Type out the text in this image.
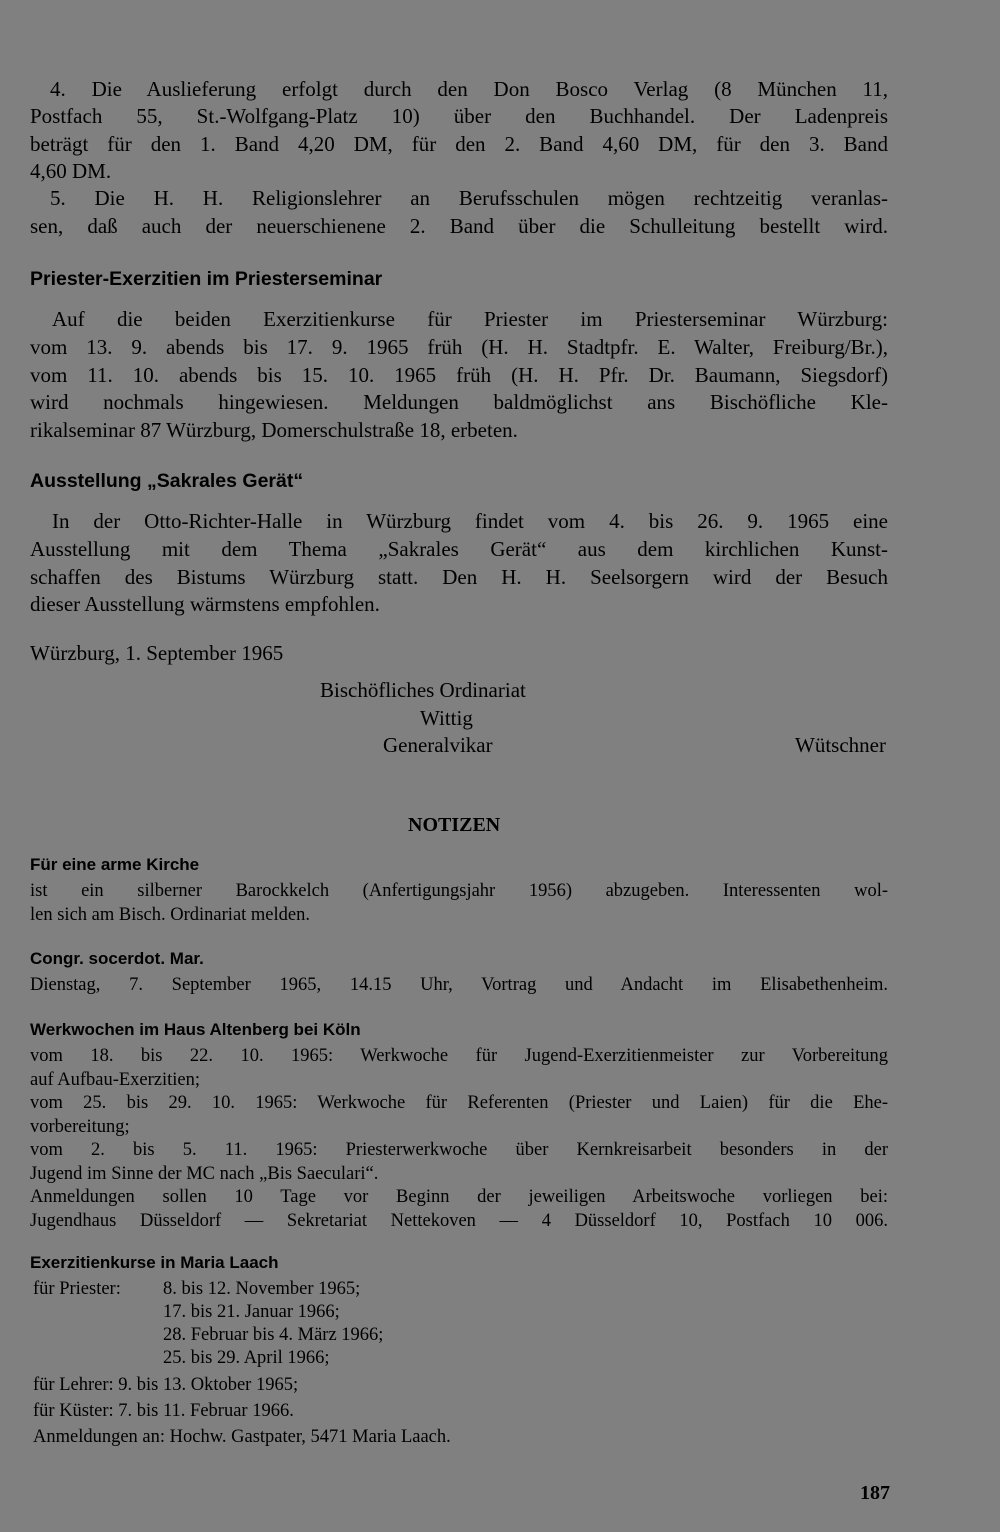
4. Die Auslieferung erfolgt durch den Don Bosco Verlag (8 München 11,
Postfach 55, St.-Wolfgang-Platz 10) über den Buchhandel. Der Ladenpreis
beträgt für den 1. Band 4,20 DM, für den 2. Band 4,60 DM, für den 3. Band
4,60 DM.
5. Die H. H. Religionslehrer an Berufsschulen mögen rechtzeitig veranlas-
sen, daß auch der neuerschienene 2. Band über die Schulleitung bestellt wird.
Priester-Exerzitien im Priesterseminar
Auf die beiden Exerzitienkurse für Priester im Priesterseminar Würzburg:
vom 13. 9. abends bis 17. 9. 1965 früh (H. H. Stadtpfr. E. Walter, Freiburg/Br.),
vom 11. 10. abends bis 15. 10. 1965 früh (H. H. Pfr. Dr. Baumann, Siegsdorf)
wird nochmals hingewiesen. Meldungen baldmöglichst ans Bischöfliche Kle-
rikalseminar 87 Würzburg, Domerschulstraße 18, erbeten.
Ausstellung „Sakrales Gerät“
In der Otto-Richter-Halle in Würzburg findet vom 4. bis 26. 9. 1965 eine
Ausstellung mit dem Thema „Sakrales Gerät“ aus dem kirchlichen Kunst-
schaffen des Bistums Würzburg statt. Den H. H. Seelsorgern wird der Besuch
dieser Ausstellung wärmstens empfohlen.
Würzburg, 1. September 1965
Bischöfliches Ordinariat
Wittig
Generalvikar	Wütschner
NOTIZEN
Für eine arme Kirche
ist ein silberner Barockkelch (Anfertigungsjahr 1956) abzugeben. Interessenten wol-
len sich am Bisch. Ordinariat melden.
Congr. socerdot. Mar.
Dienstag, 7. September 1965, 14.15 Uhr, Vortrag und Andacht im Elisabethenheim.
Werkwochen im Haus Altenberg bei Köln
vom 18. bis 22. 10. 1965: Werkwoche für Jugend-Exerzitienmeister zur Vorbereitung
auf Aufbau-Exerzitien;
vom 25. bis 29. 10. 1965: Werkwoche für Referenten (Priester und Laien) für die Ehe-
vorbereitung;
vom 2. bis 5. 11. 1965: Priesterwerkwoche über Kernkreisarbeit besonders in der
Jugend im Sinne der MC nach „Bis Saeculari“.
Anmeldungen sollen 10 Tage vor Beginn der jeweiligen Arbeitswoche vorliegen bei:
Jugendhaus Düsseldorf — Sekretariat Nettekoven — 4 Düsseldorf 10, Postfach 10 006.
Exerzitienkurse in Maria Laach
für Priester: 8. bis 12. November 1965;
17. bis 21. Januar 1966;
28. Februar bis 4. März 1966;
25. bis 29. April 1966;
für Lehrer: 9. bis 13. Oktober 1965;
für Küster: 7. bis 11. Februar 1966.
Anmeldungen an: Hochw. Gastpater, 5471 Maria Laach.
187
